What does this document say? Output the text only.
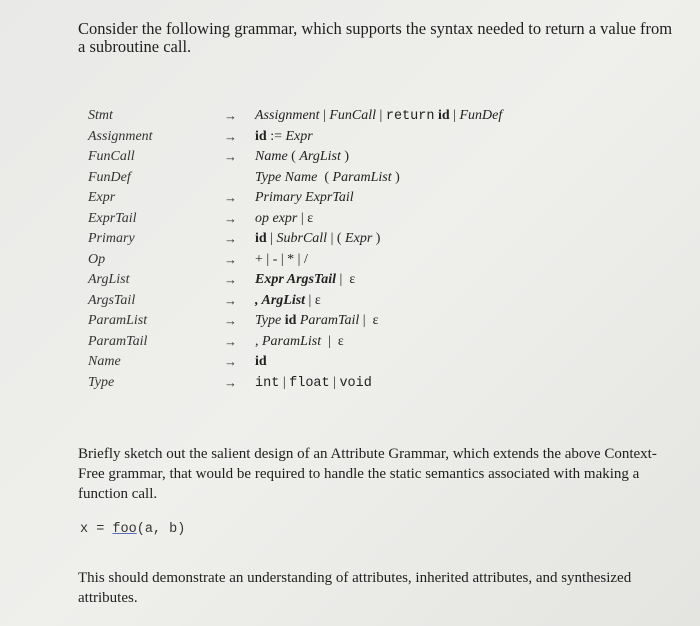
Consider the following grammar, which supports the syntax needed to return a value from a subroutine call.
Stmt	→ Assignment | FunCall | return id | FunDef
Assignment	→ id := Expr
FunCall	→ Name ( ArgList )
FunDef	Type Name  ( ParamList )
Expr	→ Primary ExprTail
ExprTail	→ op expr | ε
Primary	→ id | SubrCall | ( Expr )
Op	→ + | - | * | /
ArgList	→ Expr ArgsTail |  ε
ArgsTail	→ , ArgList | ε
ParamList	→ Type id ParamTail |  ε
ParamTail	→ , ParamList  |  ε
Name	→ id
Type	→ int | float | void
Briefly sketch out the salient design of an Attribute Grammar, which extends the above Context-Free grammar, that would be required to handle the static semantics associated with making a function call.
x = foo(a, b)
This should demonstrate an understanding of attributes, inherited attributes, and synthesized attributes.
